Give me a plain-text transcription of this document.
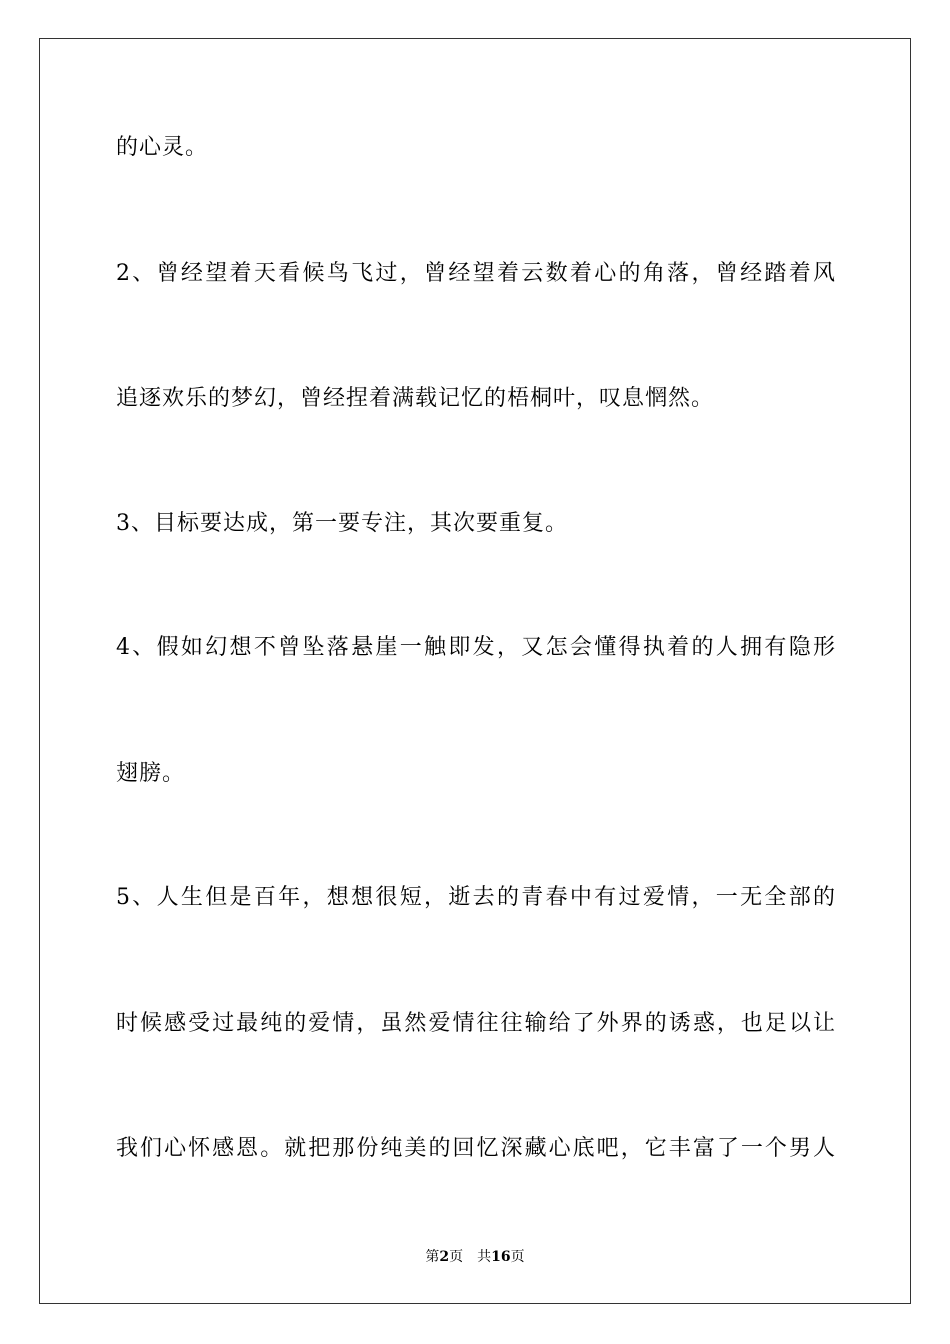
的心灵。
2、曾经望着天看候鸟飞过，曾经望着云数着心的角落，曾经踏着风
追逐欢乐的梦幻，曾经捏着满载记忆的梧桐叶，叹息惘然。
3、目标要达成，第一要专注，其次要重复。
4、假如幻想不曾坠落悬崖一触即发，又怎会懂得执着的人拥有隐形
翅膀。
5、人生但是百年，想想很短，逝去的青春中有过爱情，一无全部的
时候感受过最纯的爱情，虽然爱情往往输给了外界的诱惑，也足以让
我们心怀感恩。就把那份纯美的回忆深藏心底吧，它丰富了一个男人
第2页 共16页
